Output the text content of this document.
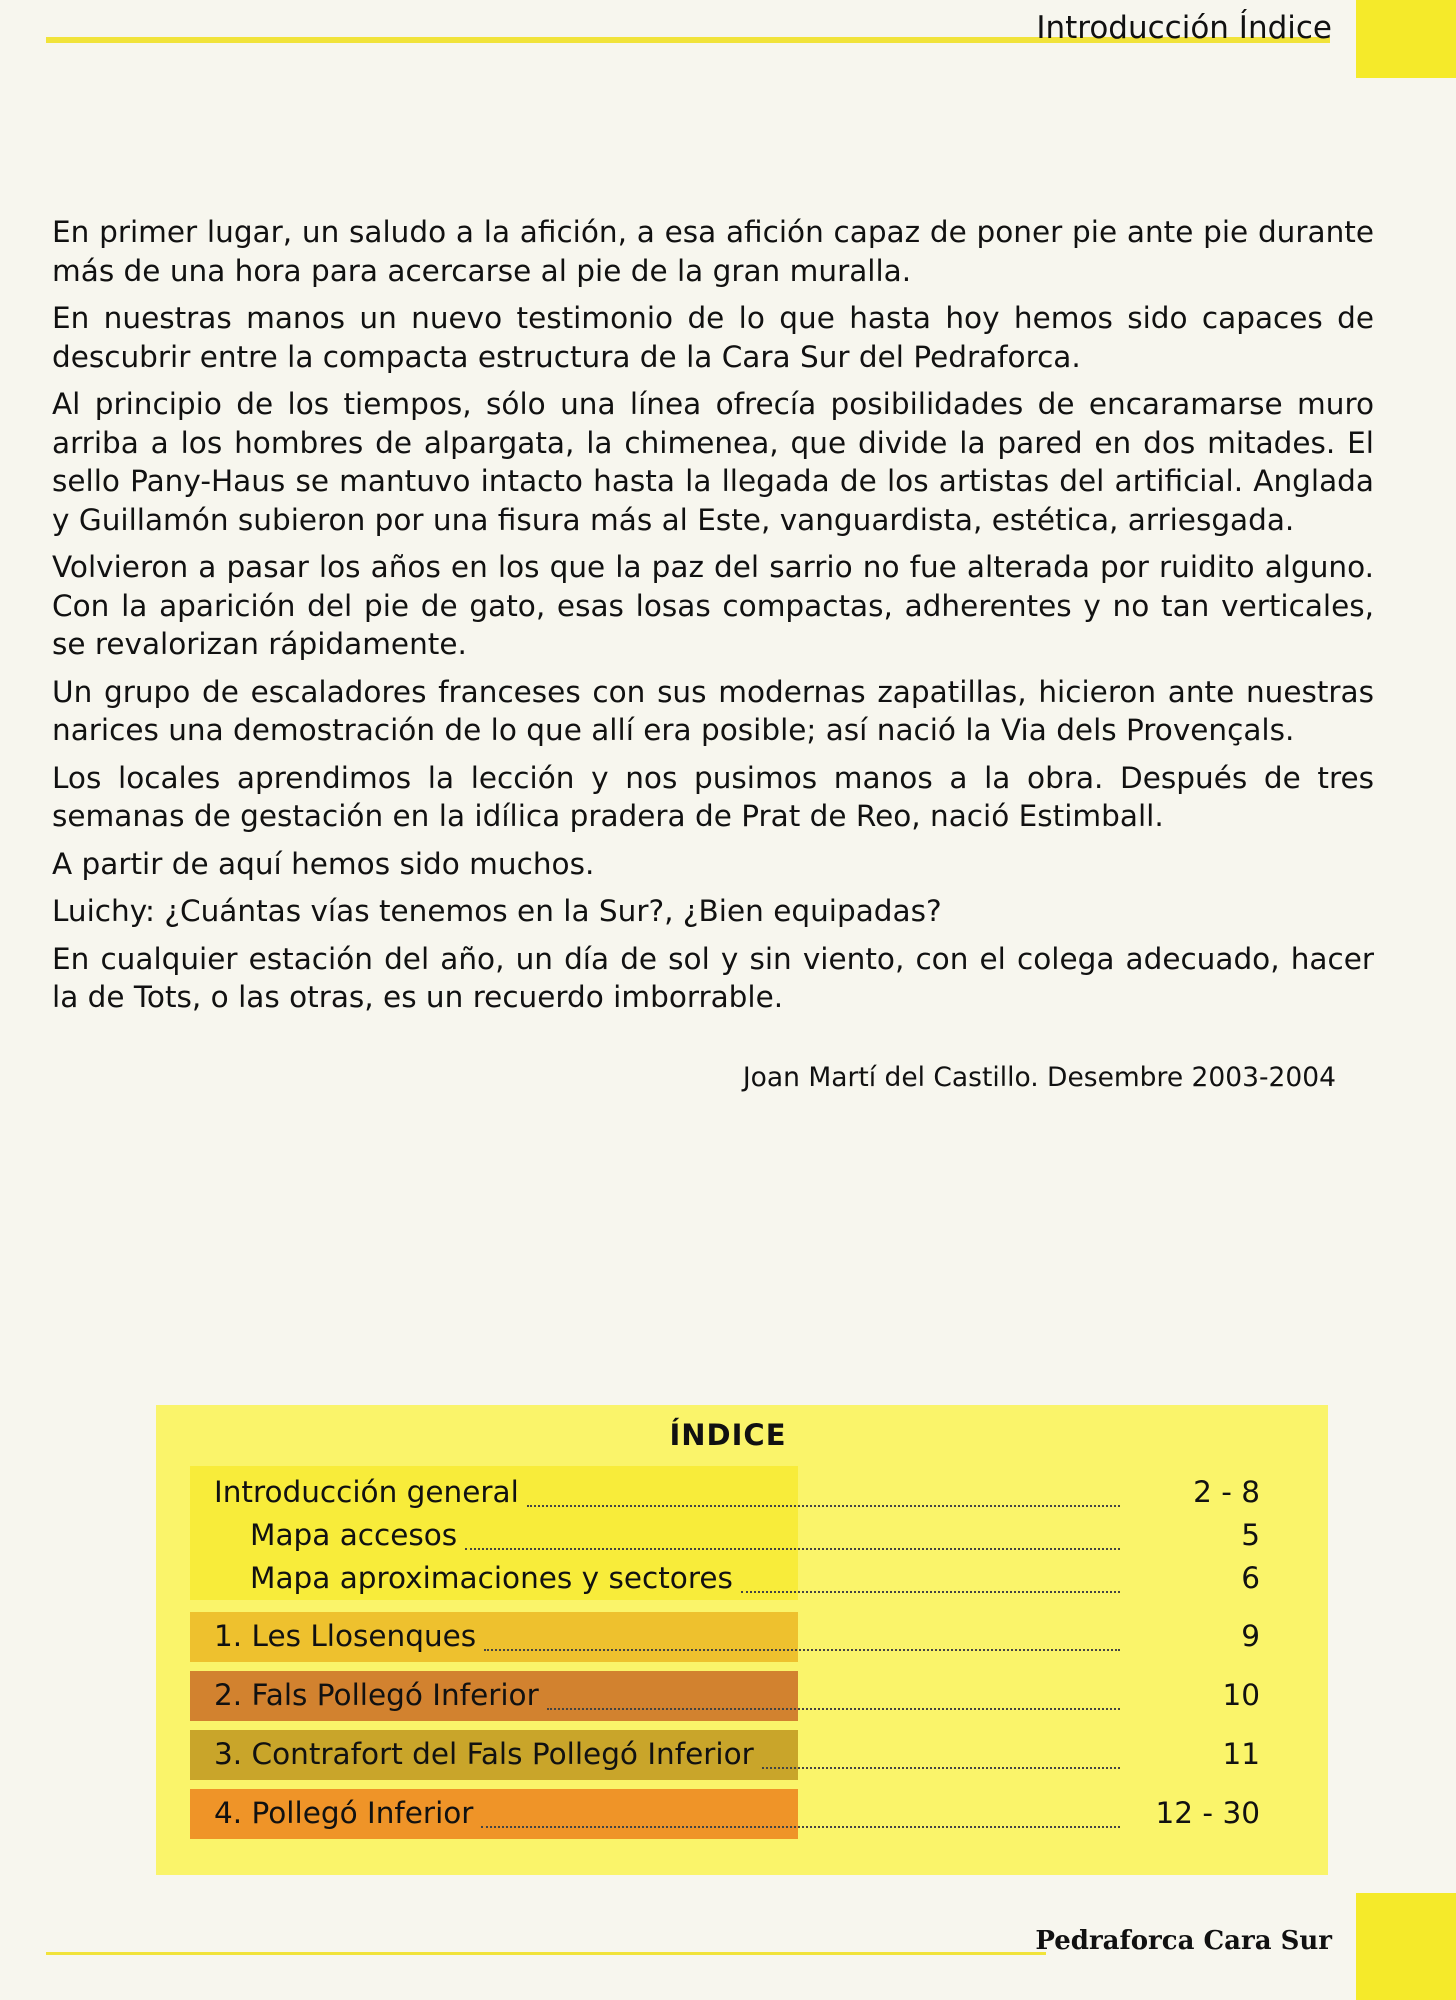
Introducción Índice

En primer lugar, un saludo a la afición, a esa afición capaz de poner pie ante pie durante más de una hora para acercarse al pie de la gran muralla.

En nuestras manos un nuevo testimonio de lo que hasta hoy hemos sido capaces de descubrir entre la compacta estructura de la Cara Sur del Pedraforca.

Al principio de los tiempos, sólo una línea ofrecía posibilidades de encaramarse muro arriba a los hombres de alpargata, la chimenea, que divide la pared en dos mitades. El sello Pany-Haus se mantuvo intacto hasta la llegada de los artistas del artificial. Anglada y Guillamón subieron por una fisura más al Este, vanguardista, estética, arriesgada.

Volvieron a pasar los años en los que la paz del sarrio no fue alterada por ruidito alguno. Con la aparición del pie de gato, esas losas compactas, adherentes y no tan verticales, se revalorizan rápidamente.

Un grupo de escaladores franceses con sus modernas zapatillas, hicieron ante nuestras narices una demostración de lo que allí era posible; así nació la Via dels Provençals.

Los locales aprendimos la lección y nos pusimos manos a la obra. Después de tres semanas de gestación en la idílica pradera de Prat de Reo, nació Estimball.

A partir de aquí hemos sido muchos.

Luichy: ¿Cuántas vías tenemos en la Sur?, ¿Bien equipadas?

En cualquier estación del año, un día de sol y sin viento, con el colega adecuado, hacer la de Tots, o las otras, es un recuerdo imborrable.

Joan Martí del Castillo. Desembre 2003-2004
ÍNDICE
Introducción general	2 - 8
Mapa accesos	5
Mapa aproximaciones y sectores	6
1. Les Llosenques	9
2. Fals Pollegó Inferior	10
3. Contrafort del Fals Pollegó Inferior	11
4. Pollegó Inferior	12 - 30
Pedraforca Cara Sur
